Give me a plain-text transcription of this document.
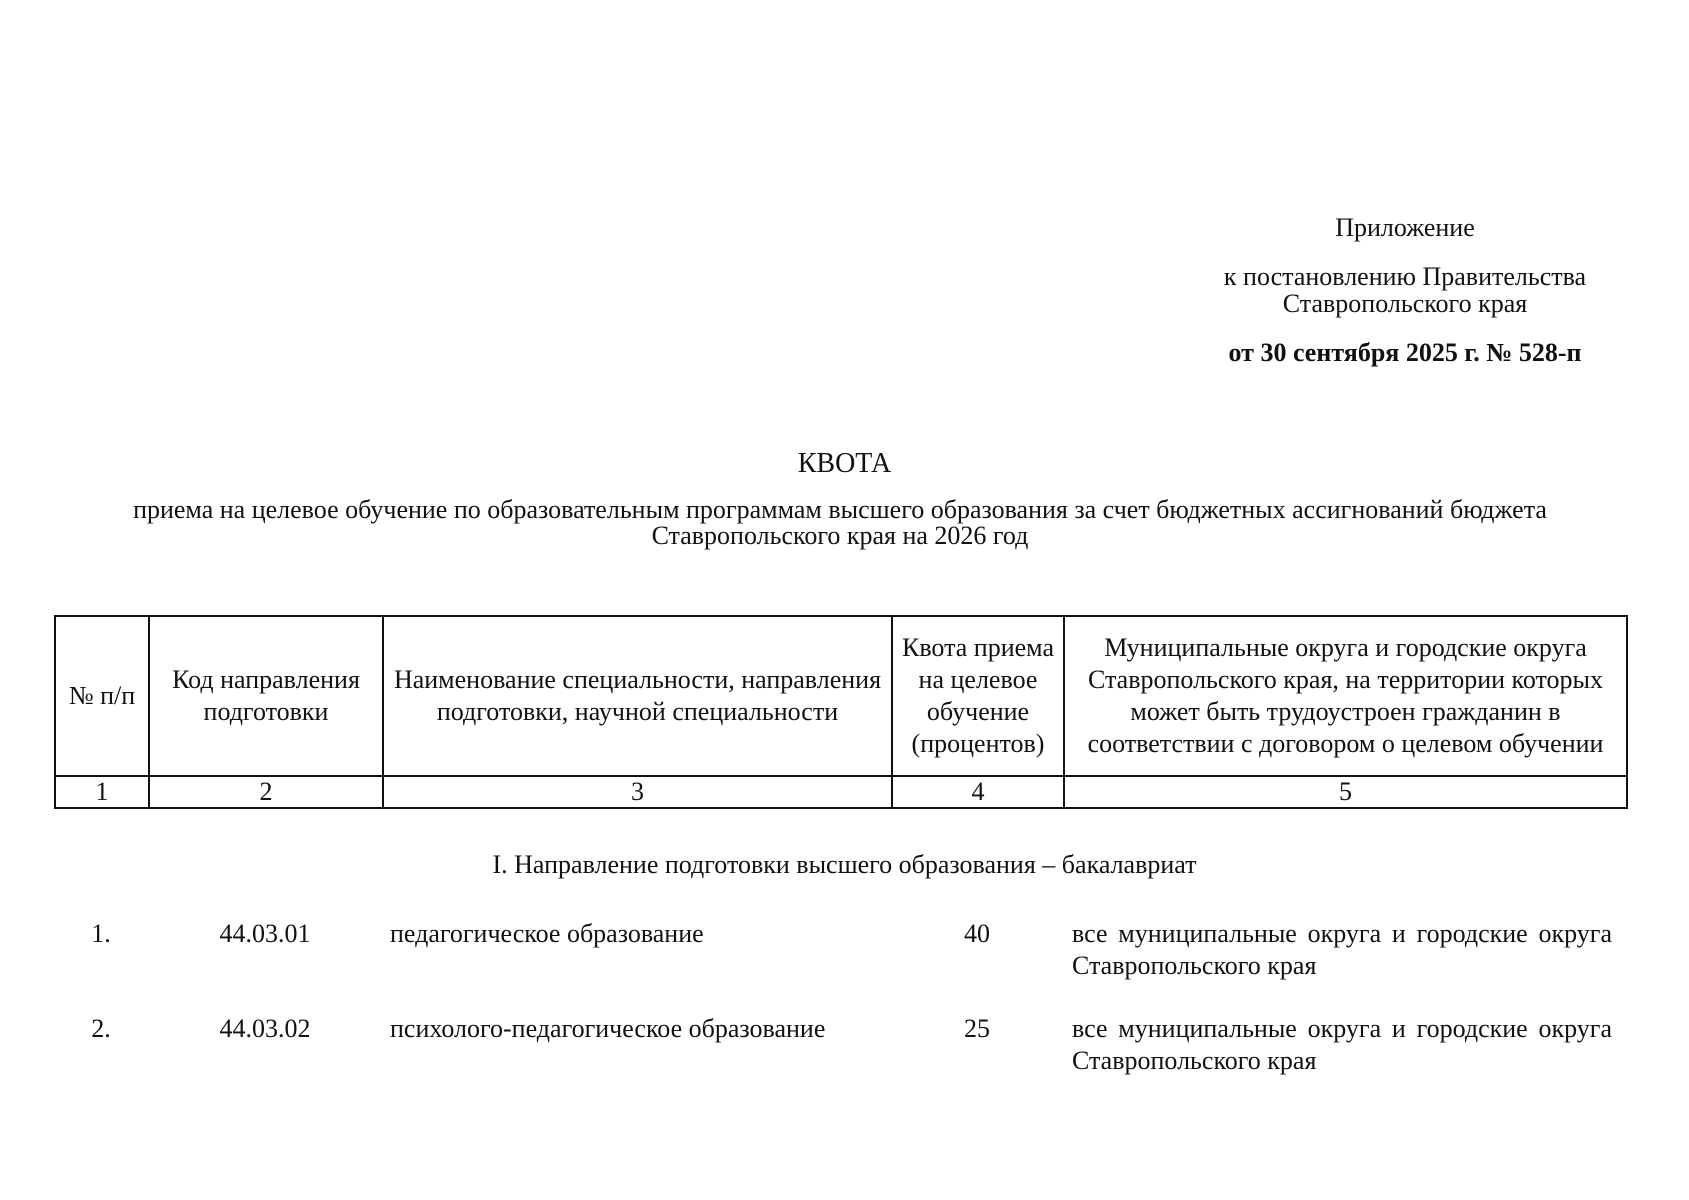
Приложение
к постановлению Правительства
Ставропольского края
от 30 сентября 2025 г. № 528-п
КВОТА
приема на целевое обучение по образовательным программам высшего образования за счет бюджетных ассигнований бюджета
Ставропольского края на 2026 год
№ п/п	Код направления подготовки	Наименование специальности, направления подготовки, научной специальности	Квота приема на целевое обучение (процентов)	Муниципальные округа и городские округа Ставропольского края, на территории которых может быть трудоустроен гражданин в соответствии с договором о целевом обучении
1	2	3	4	5
I. Направление подготовки высшего образования – бакалавриат
1.	44.03.01	педагогическое образование	40	все муниципальные округа и городские округа Ставропольского края
2.	44.03.02	психолого-педагогическое образование	25	все муниципальные округа и городские округа Ставропольского края
